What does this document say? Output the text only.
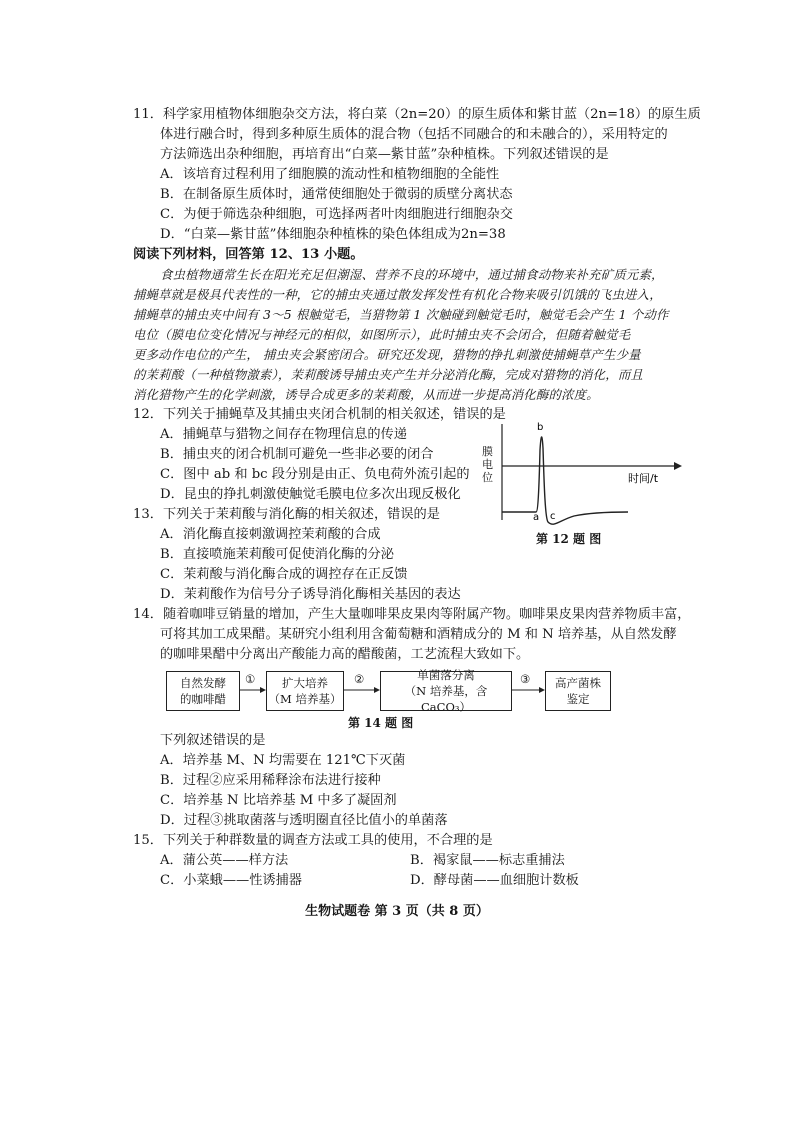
11．科学家用植物体细胞杂交方法，将白菜（2n=20）的原生质体和紫甘蓝（2n=18）的原生质
体进行融合时，得到多种原生质体的混合物（包括不同融合的和未融合的），采用特定的
方法筛选出杂种细胞，再培育出“白菜—紫甘蓝”杂种植株。下列叙述错误的是
A．该培育过程利用了细胞膜的流动性和植物细胞的全能性
B．在制备原生质体时，通常使细胞处于微弱的质壁分离状态
C．为便于筛选杂种细胞，可选择两者叶肉细胞进行细胞杂交
D．“白菜—紫甘蓝”体细胞杂种植株的染色体组成为2n=38
阅读下列材料，回答第 12、13 小题。
食虫植物通常生长在阳光充足但潮湿、营养不良的环境中，通过捕食动物来补充矿质元素，
捕蝇草就是极具代表性的一种，它的捕虫夹通过散发挥发性有机化合物来吸引饥饿的飞虫进入，
捕蝇草的捕虫夹中间有 3～5 根触觉毛，当猎物第 1 次触碰到触觉毛时，触觉毛会产生 1 个动作
电位（膜电位变化情况与神经元的相似，如图所示），此时捕虫夹不会闭合，但随着触觉毛
更多动作电位的产生， 捕虫夹会紧密闭合。研究还发现，猎物的挣扎刺激使捕蝇草产生少量
的茉莉酸（一种植物激素），茉莉酸诱导捕虫夹产生并分泌消化酶，完成对猎物的消化，而且
消化猎物产生的化学刺激，诱导合成更多的茉莉酸，从而进一步提高消化酶的浓度。
12．下列关于捕蝇草及其捕虫夹闭合机制的相关叙述，错误的是
A．捕蝇草与猎物之间存在物理信息的传递
B．捕虫夹的闭合机制可避免一些非必要的闭合
C．图中 ab 和 bc 段分别是由正、负电荷外流引起的
D．昆虫的挣扎刺激使触觉毛膜电位多次出现反极化
13．下列关于茉莉酸与消化酶的相关叙述，错误的是
A．消化酶直接刺激调控茉莉酸的合成
B．直接喷施茉莉酸可促使消化酶的分泌
C．茉莉酸与消化酶合成的调控存在正反馈
D．茉莉酸作为信号分子诱导消化酶相关基因的表达
b
a c
时间/t
膜电位
第 12 题 图
14．随着咖啡豆销量的增加，产生大量咖啡果皮果肉等附属产物。咖啡果皮果肉营养物质丰富，
可将其加工成果醋。某研究小组利用含葡萄糖和酒精成分的 M 和 N 培养基，从自然发酵
的咖啡果醋中分离出产酸能力高的醋酸菌，工艺流程大致如下。
自然发酵
的咖啡醋
扩大培养
（M 培养基）
单菌落分离
（N 培养基，含 CaCO₃）
高产菌株
鉴定
①	②	③
第 14 题 图
下列叙述错误的是
A．培养基 M、N 均需要在 121℃下灭菌
B．过程②应采用稀释涂布法进行接种
C．培养基 N 比培养基 M 中多了凝固剂
D．过程③挑取菌落与透明圈直径比值小的单菌落
15．下列关于种群数量的调查方法或工具的使用，不合理的是
A．蒲公英——样方法	B．褐家鼠——标志重捕法
C．小菜蛾——性诱捕器	D．酵母菌——血细胞计数板
生物试题卷 第 3 页（共 8 页）
